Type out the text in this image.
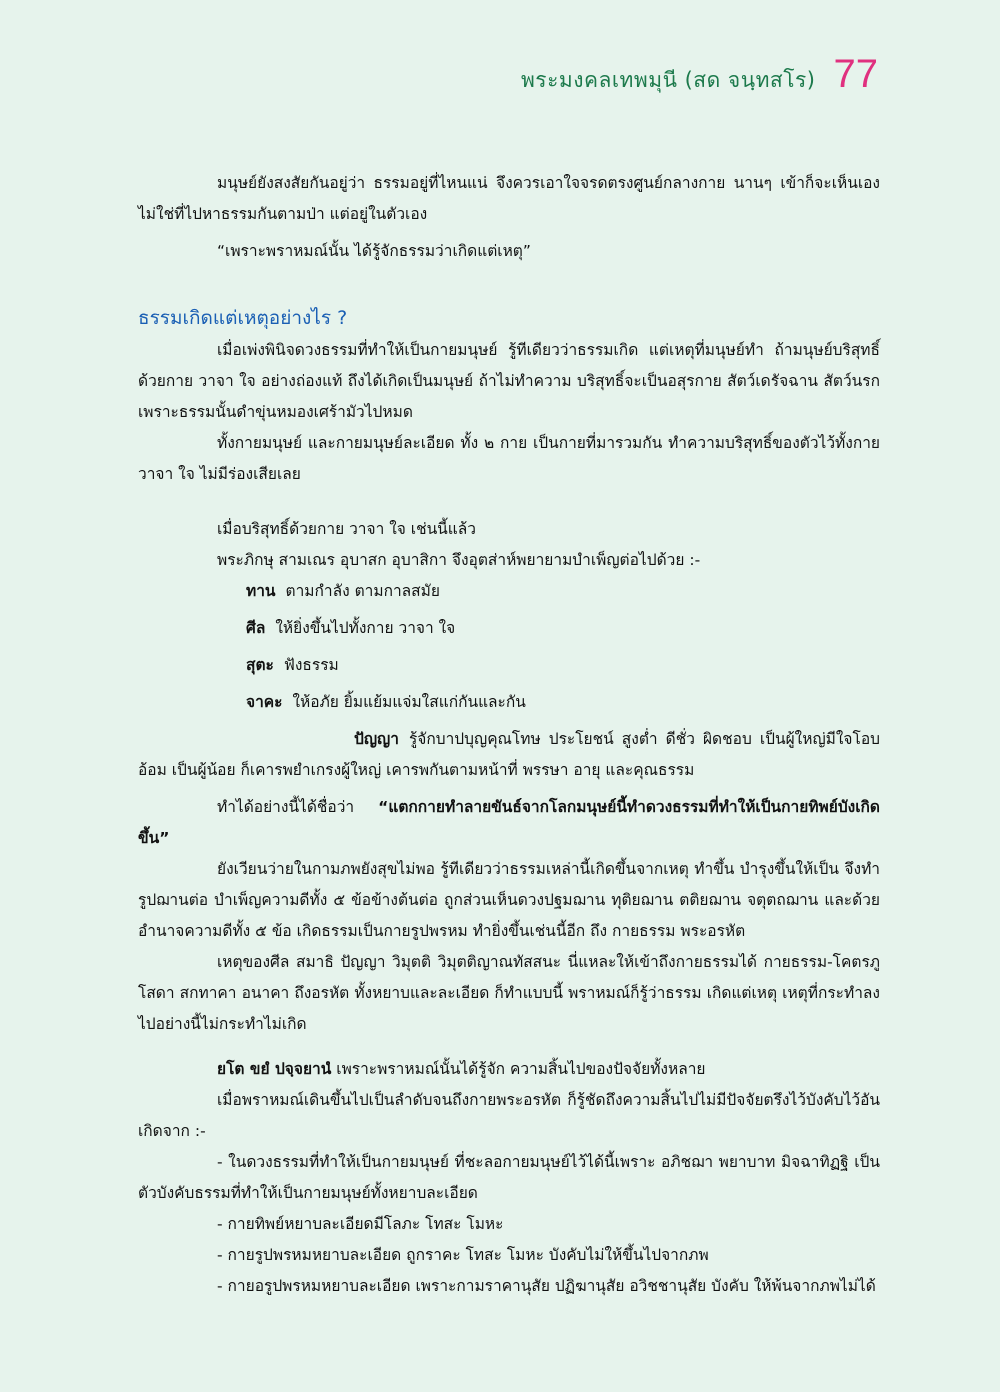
พระมงคลเทพมุนี (สด จนฺทสโร) 77

มนุษย์ยังสงสัยกันอยู่ว่า ธรรมอยู่ที่ไหนแน่ จึงควรเอาใจจรดตรงศูนย์กลางกาย นานๆ เข้าก็จะเห็นเอง ไม่ใช่ที่ไปหาธรรมกันตามป่า แต่อยู่ในตัวเอง

“เพราะพราหมณ์นั้น ได้รู้จักธรรมว่าเกิดแต่เหตุ”

ธรรมเกิดแต่เหตุอย่างไร ?

เมื่อเพ่งพินิจดวงธรรมที่ทำให้เป็นกายมนุษย์ รู้ทีเดียวว่าธรรมเกิด แต่เหตุที่มนุษย์ทำ ถ้ามนุษย์บริสุทธิ์ด้วยกาย วาจา ใจ อย่างถ่องแท้ ถึงได้เกิดเป็นมนุษย์ ถ้าไม่ทำความ บริสุทธิ์จะเป็นอสุรกาย สัตว์เดรัจฉาน สัตว์นรก เพราะธรรมนั้นดำขุ่นหมองเศร้ามัวไปหมด

ทั้งกายมนุษย์ และกายมนุษย์ละเอียด ทั้ง ๒ กาย เป็นกายที่มารวมกัน ทำความบริสุทธิ์ของตัวไว้ทั้งกาย วาจา ใจ ไม่มีร่องเสียเลย

เมื่อบริสุทธิ์ด้วยกาย วาจา ใจ เช่นนี้แล้ว

พระภิกษุ สามเณร อุบาสก อุบาสิกา จึงอุตส่าห์พยายามบำเพ็ญต่อไปด้วย :-

ทาน ตามกำลัง ตามกาลสมัย

ศีล ให้ยิ่งขึ้นไปทั้งกาย วาจา ใจ

สุตะ ฟังธรรม

จาคะ ให้อภัย ยิ้มแย้มแจ่มใสแก่กันและกัน

ปัญญา รู้จักบาปบุญคุณโทษ ประโยชน์ สูงต่ำ ดีชั่ว ผิดชอบ เป็นผู้ใหญ่มีใจโอบอ้อม เป็นผู้น้อย ก็เคารพยำเกรงผู้ใหญ่ เคารพกันตามหน้าที่ พรรษา อายุ และคุณธรรม

ทำได้อย่างนี้ได้ชื่อว่า “แตกกายทำลายขันธ์จากโลกมนุษย์นี้ทำดวงธรรมที่ทำให้เป็นกายทิพย์บังเกิดขึ้น”

ยังเวียนว่ายในกามภพยังสุขไม่พอ รู้ทีเดียวว่าธรรมเหล่านี้เกิดขึ้นจากเหตุ ทำขึ้น บำรุงขึ้นให้เป็น จึงทำรูปฌานต่อ บำเพ็ญความดีทั้ง ๕ ข้อข้างต้นต่อ ถูกส่วนเห็นดวงปฐมฌาน ทุติยฌาน ตติยฌาน จตุตถฌาน และด้วยอำนาจความดีทั้ง ๕ ข้อ เกิดธรรมเป็นกายรูปพรหม ทำยิ่งขึ้นเช่นนี้อีก ถึง กายธรรม พระอรหัต

เหตุของศีล สมาธิ ปัญญา วิมุตติ วิมุตติญาณทัสสนะ นี่แหละให้เข้าถึงกายธรรมได้ กายธรรม-โคตรภู โสดา สกทาคา อนาคา ถึงอรหัต ทั้งหยาบและละเอียด ก็ทำแบบนี้ พราหมณ์ก็รู้ว่าธรรม เกิดแต่เหตุ เหตุที่กระทำลงไปอย่างนี้ไม่กระทำไม่เกิด

ยโต ขยํ ปจฺจยานํ เพราะพราหมณ์นั้นได้รู้จัก ความสิ้นไปของปัจจัยทั้งหลาย

เมื่อพราหมณ์เดินขึ้นไปเป็นลำดับจนถึงกายพระอรหัต ก็รู้ชัดถึงความสิ้นไปไม่มีปัจจัยตรึงไว้บังคับไว้อันเกิดจาก :-

- ในดวงธรรมที่ทำให้เป็นกายมนุษย์ ที่ชะลอกายมนุษย์ไว้ได้นี้เพราะ อภิชฌา พยาบาท มิจฉาทิฏฐิ เป็นตัวบังคับธรรมที่ทำให้เป็นกายมนุษย์ทั้งหยาบละเอียด

- กายทิพย์หยาบละเอียดมีโลภะ โทสะ โมหะ

- กายรูปพรหมหยาบละเอียด ถูกราคะ โทสะ โมหะ บังคับไม่ให้ขึ้นไปจากภพ

- กายอรูปพรหมหยาบละเอียด เพราะกามราคานุสัย ปฏิฆานุสัย อวิชชานุสัย บังคับ ให้พ้นจากภพไม่ได้
